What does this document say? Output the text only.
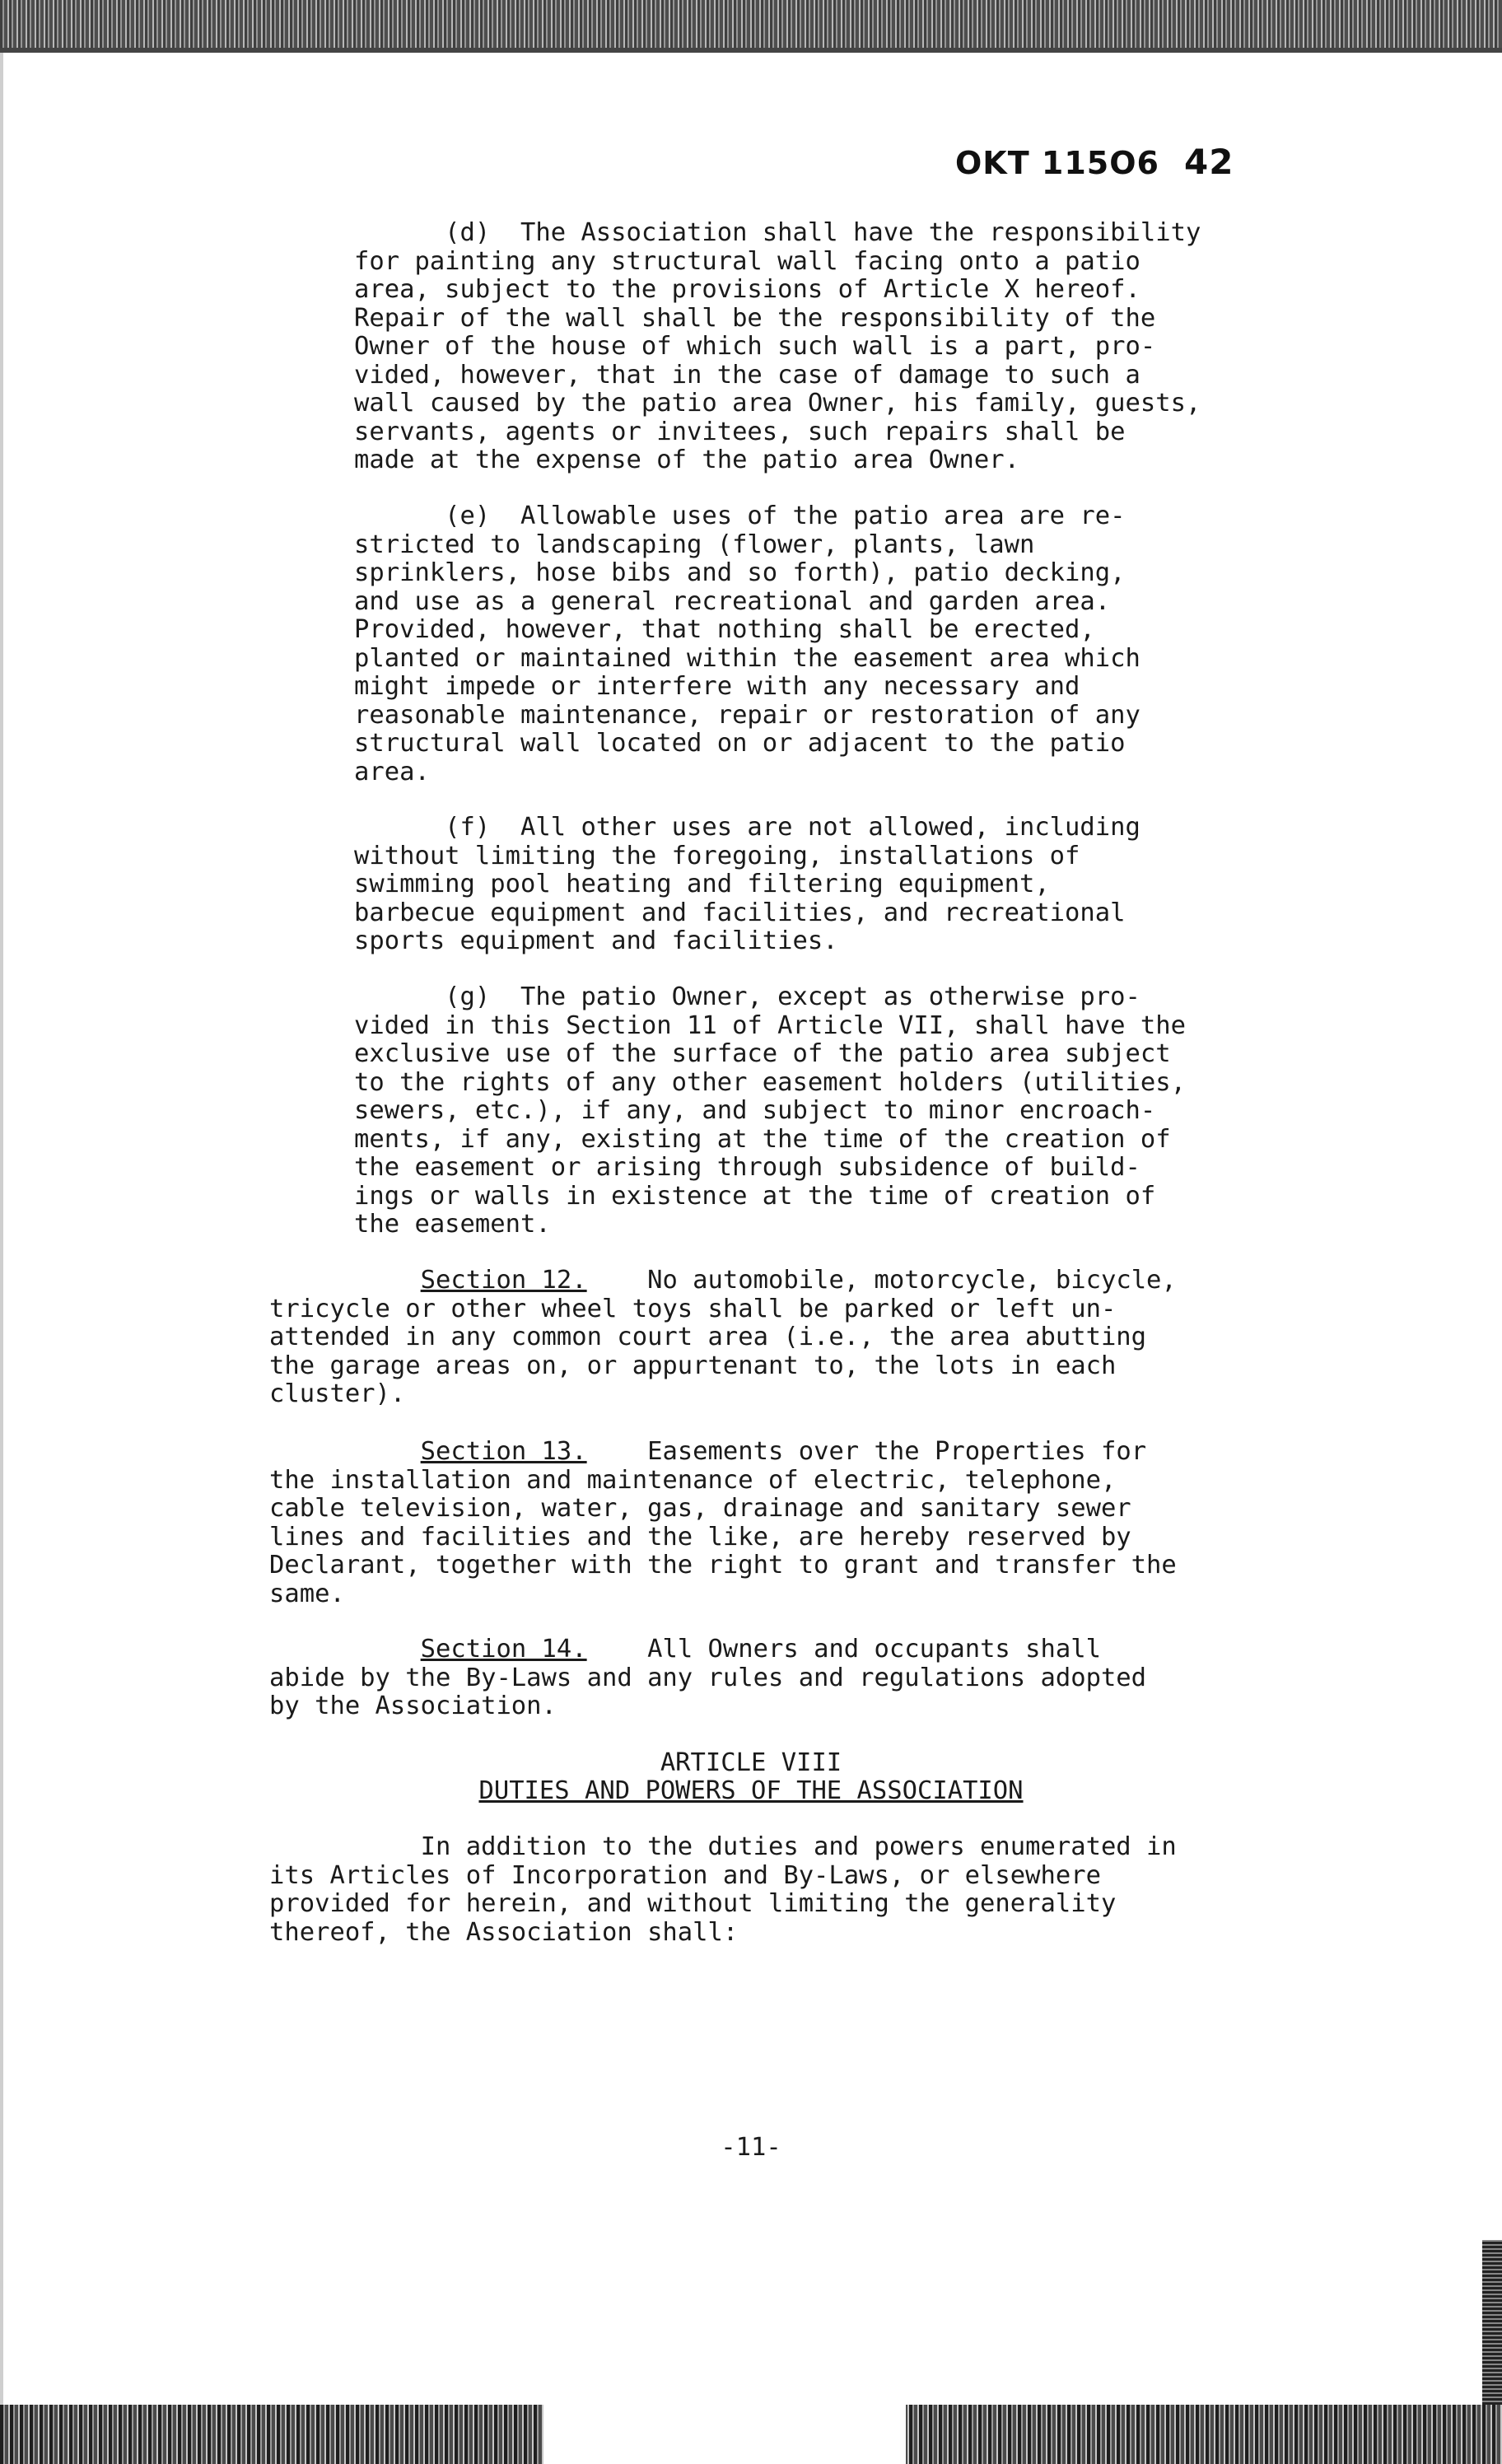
OKT 115O6 42

(d)  The Association shall have the responsibility
for painting any structural wall facing onto a patio
area, subject to the provisions of Article X hereof.
Repair of the wall shall be the responsibility of the
Owner of the house of which such wall is a part, pro-
vided, however, that in the case of damage to such a
wall caused by the patio area Owner, his family, guests,
servants, agents or invitees, such repairs shall be
made at the expense of the patio area Owner.

(e)  Allowable uses of the patio area are re-
stricted to landscaping (flower, plants, lawn
sprinklers, hose bibs and so forth), patio decking,
and use as a general recreational and garden area.
Provided, however, that nothing shall be erected,
planted or maintained within the easement area which
might impede or interfere with any necessary and
reasonable maintenance, repair or restoration of any
structural wall located on or adjacent to the patio
area.

(f)  All other uses are not allowed, including
without limiting the foregoing, installations of
swimming pool heating and filtering equipment,
barbecue equipment and facilities, and recreational
sports equipment and facilities.

(g)  The patio Owner, except as otherwise pro-
vided in this Section 11 of Article VII, shall have the
exclusive use of the surface of the patio area subject
to the rights of any other easement holders (utilities,
sewers, etc.), if any, and subject to minor encroach-
ments, if any, existing at the time of the creation of
the easement or arising through subsidence of build-
ings or walls in existence at the time of creation of
the easement.

Section 12.    No automobile, motorcycle, bicycle,
tricycle or other wheel toys shall be parked or left un-
attended in any common court area (i.e., the area abutting
the garage areas on, or appurtenant to, the lots in each
cluster).

Section 13.    Easements over the Properties for
the installation and maintenance of electric, telephone,
cable television, water, gas, drainage and sanitary sewer
lines and facilities and the like, are hereby reserved by
Declarant, together with the right to grant and transfer the
same.

Section 14.    All Owners and occupants shall
abide by the By-Laws and any rules and regulations adopted
by the Association.

ARTICLE VIII

DUTIES AND POWERS OF THE ASSOCIATION

In addition to the duties and powers enumerated in
its Articles of Incorporation and By-Laws, or elsewhere
provided for herein, and without limiting the generality
thereof, the Association shall:

-11-
